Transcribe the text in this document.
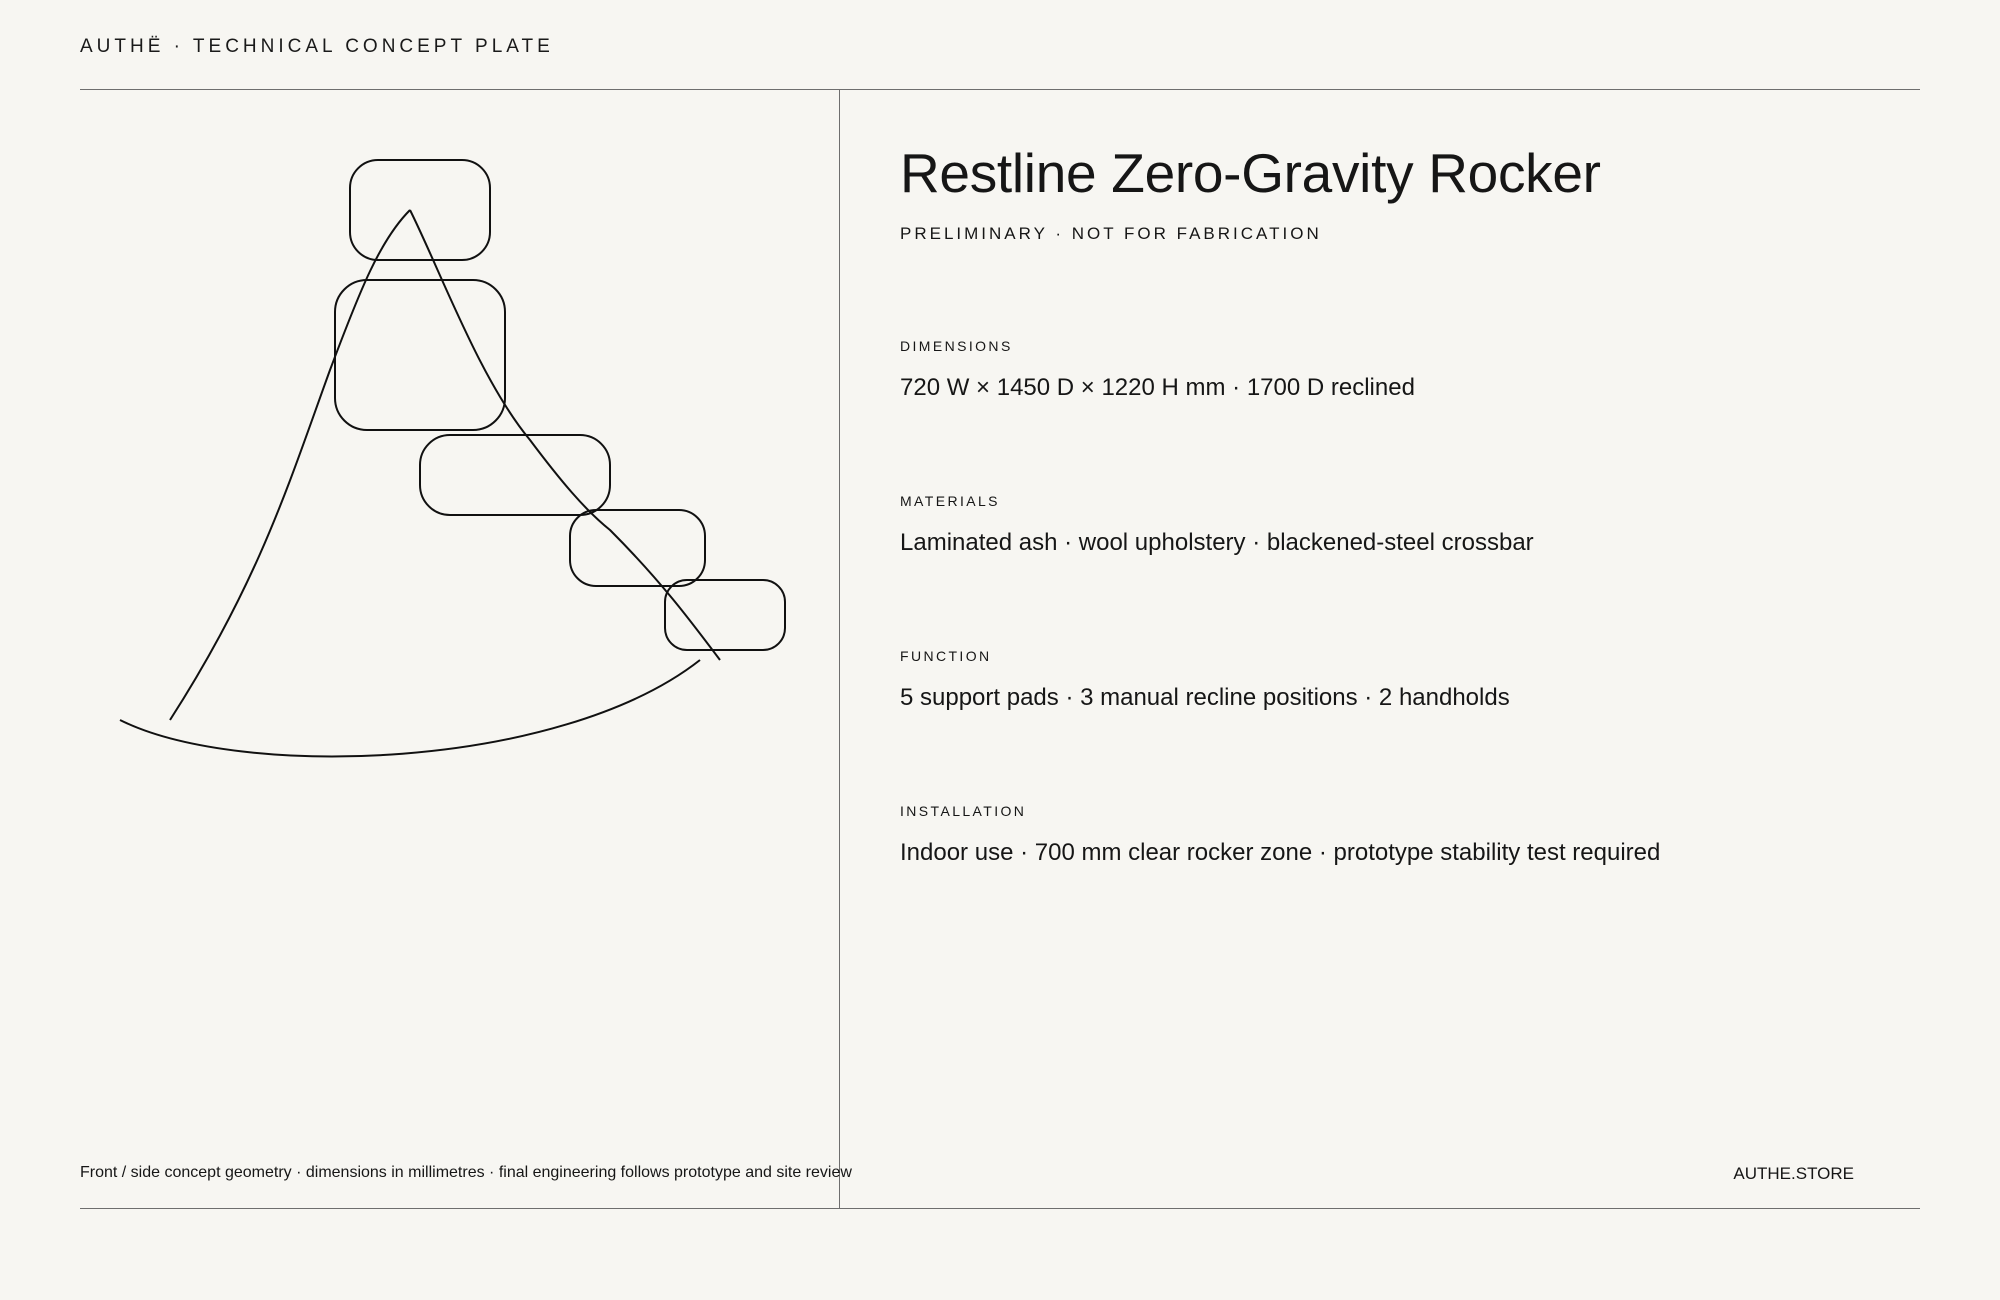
AUTHË · TECHNICAL CONCEPT PLATE
Restline Zero-Gravity Rocker
PRELIMINARY · NOT FOR FABRICATION
DIMENSIONS
720 W × 1450 D × 1220 H mm · 1700 D reclined
MATERIALS
Laminated ash · wool upholstery · blackened-steel crossbar
FUNCTION
5 support pads · 3 manual recline positions · 2 handholds
INSTALLATION
Indoor use · 700 mm clear rocker zone · prototype stability test required
Front / side concept geometry · dimensions in millimetres · final engineering follows prototype and site review	AUTHE.STORE
